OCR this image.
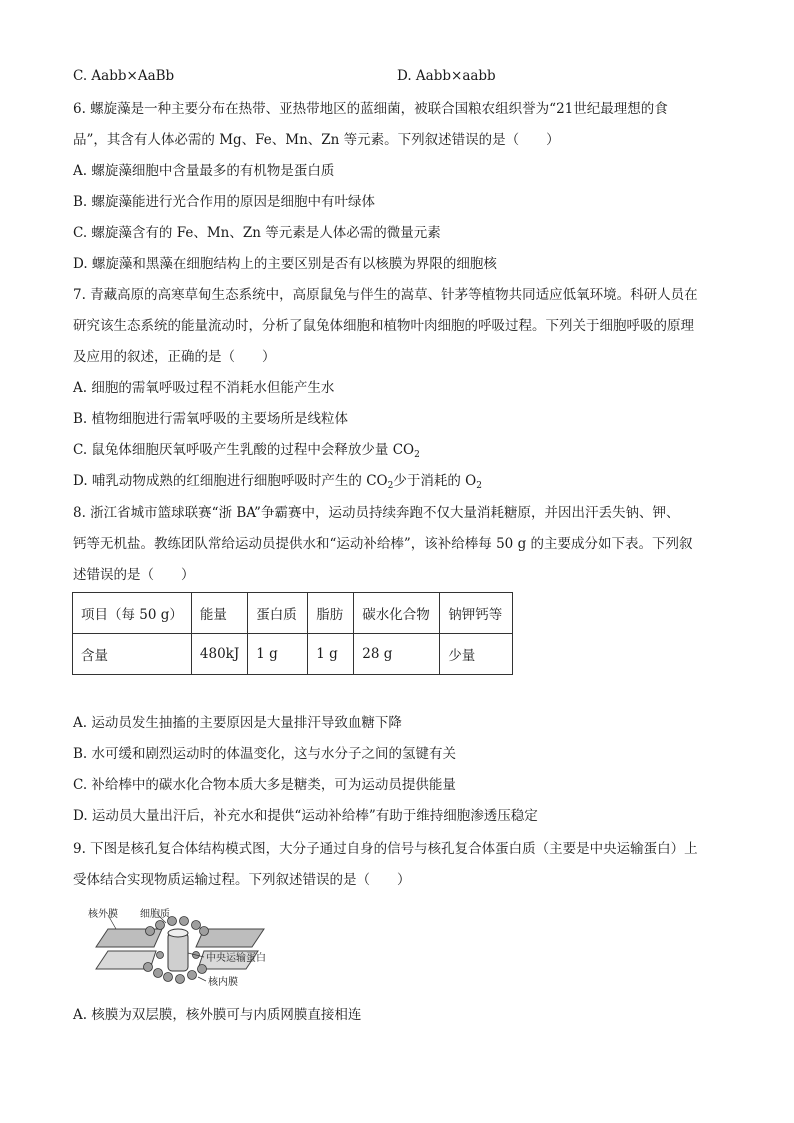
C. Aabb×AaBb	D. Aabb×aabb
6. 螺旋藻是一种主要分布在热带、亚热带地区的蓝细菌，被联合国粮农组织誉为“21世纪最理想的食
品”，其含有人体必需的 Mg、Fe、Mn、Zn 等元素。下列叙述错误的是（　　）
A. 螺旋藻细胞中含量最多的有机物是蛋白质
B. 螺旋藻能进行光合作用的原因是细胞中有叶绿体
C. 螺旋藻含有的 Fe、Mn、Zn 等元素是人体必需的微量元素
D. 螺旋藻和黑藻在细胞结构上的主要区别是否有以核膜为界限的细胞核
7. 青藏高原的高寒草甸生态系统中，高原鼠兔与伴生的嵩草、针茅等植物共同适应低氧环境。科研人员在
研究该生态系统的能量流动时，分析了鼠兔体细胞和植物叶肉细胞的呼吸过程。下列关于细胞呼吸的原理
及应用的叙述，正确的是（　　）
A. 细胞的需氧呼吸过程不消耗水但能产生水
B. 植物细胞进行需氧呼吸的主要场所是线粒体
C. 鼠兔体细胞厌氧呼吸产生乳酸的过程中会释放少量 $CO_2$
D. 哺乳动物成熟的红细胞进行细胞呼吸时产生的 $CO_2$少于消耗的 $O_2$
8. 浙江省城市篮球联赛“浙 BA”争霸赛中，运动员持续奔跑不仅大量消耗糖原，并因出汗丢失钠、钾、
钙等无机盐。教练团队常给运动员提供水和“运动补给棒”，该补给棒每 50 g 的主要成分如下表。下列叙
述错误的是（　　）
项目（每 50 g）	能量	蛋白质	脂肪	碳水化合物	钠钾钙等
含量	480kJ	1 g	1 g	28 g	少量
A. 运动员发生抽搐的主要原因是大量排汗导致血糖下降
B. 水可缓和剧烈运动时的体温变化，这与水分子之间的氢键有关
C. 补给棒中的碳水化合物本质大多是糖类，可为运动员提供能量
D. 运动员大量出汗后，补充水和提供“运动补给棒”有助于维持细胞渗透压稳定
9. 下图是核孔复合体结构模式图，大分子通过自身的信号与核孔复合体蛋白质（主要是中央运输蛋白）上
受体结合实现物质运输过程。下列叙述错误的是（　　）
核外膜 细胞质
中央运输蛋白
核内膜
A. 核膜为双层膜，核外膜可与内质网膜直接相连
